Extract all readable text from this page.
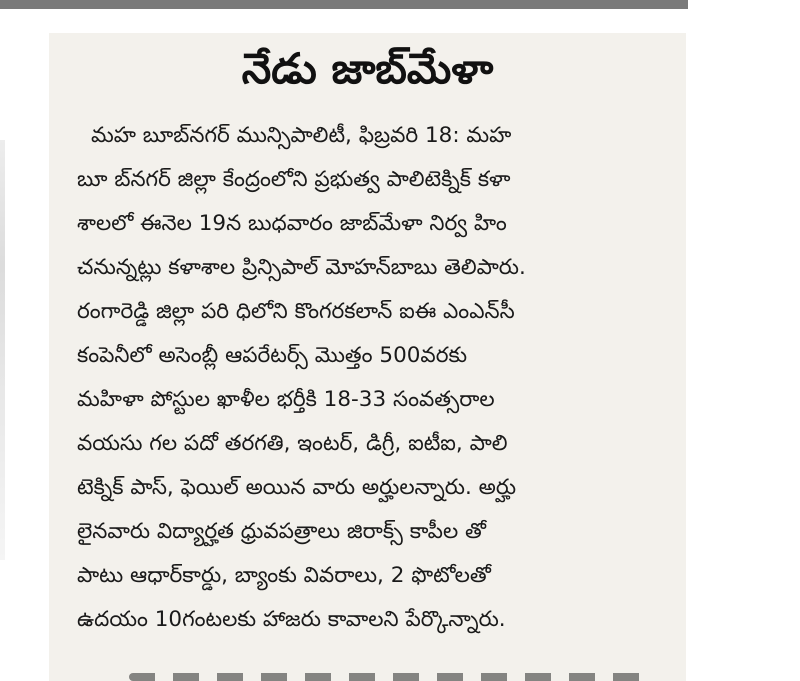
నేడు జాబ్‌మేళా
మహ బూబ్‌నగర్ మున్సిపాలిటీ, ఫిబ్రవరి 18: మహ
బూ బ్‌నగర్ జిల్లా కేంద్రంలోని ప్రభుత్వ పాలిటెక్నిక్ కళా
శాలలో ఈనెల 19న బుధవారం జాబ్‌మేళా నిర్వ హిం
చనున్నట్లు కళాశాల ప్రిన్సిపాల్ మోహన్‌బాబు తెలిపారు.
రంగారెడ్డి జిల్లా పరి ధిలోని కొంగరకలాన్ ఐఈ ఎంఎన్‌సీ
కంపెనీలో అసెంబ్లీ ఆపరేటర్స్ మొత్తం 500వరకు
మహిళా పోస్టుల ఖాళీల భర్తీకి 18-33 సంవత్సరాల
వయసు గల పదో తరగతి, ఇంటర్, డిగ్రీ, ఐటీఐ, పాలి
టెక్నిక్ పాస్, ఫెయిల్ అయిన వారు అర్హులన్నారు. అర్హు
లైనవారు విద్యార్హత ధ్రువపత్రాలు జిరాక్స్ కాపీల తో
పాటు ఆధార్‌కార్డు, బ్యాంకు వివరాలు, 2 ఫొటోలతో
ఉదయం 10గంటలకు హాజరు కావాలని పేర్కొన్నారు.
